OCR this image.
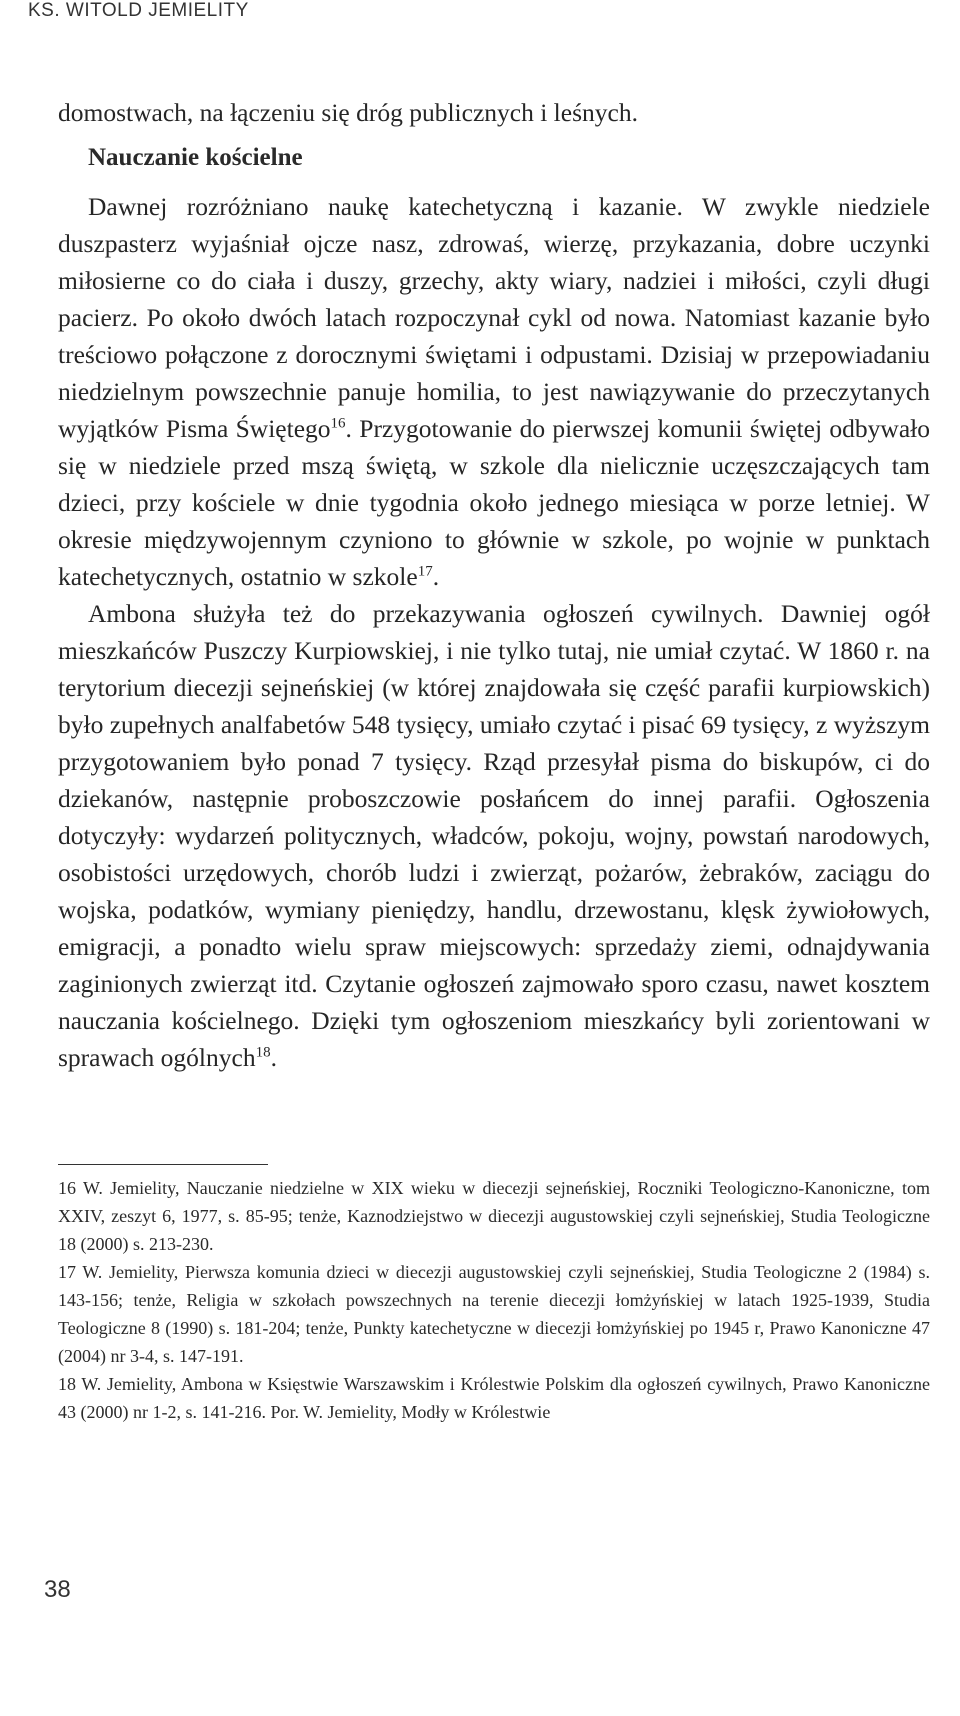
KS. WITOLD JEMIELITY

domostwach, na łączeniu się dróg publicznych i leśnych.

Nauczanie kościelne

Dawnej rozróżniano naukę katechetyczną i kazanie. W zwykle niedziele duszpasterz wyjaśniał ojcze nasz, zdrowaś, wierzę, przykazania, dobre uczynki miłosierne co do ciała i duszy, grzechy, akty wiary, nadziei i miłości, czyli długi pacierz. Po około dwóch latach rozpoczynał cykl od nowa. Natomiast kazanie było treściowo połączone z dorocznymi świętami i odpustami. Dzisiaj w przepowiadaniu niedzielnym powszechnie panuje homilia, to jest nawiązywanie do przeczytanych wyjątków Pisma Świętego$^{16}$. Przygotowanie do pierwszej komunii świętej odbywało się w niedziele przed mszą świętą, w szkole dla nielicznie uczęszczających tam dzieci, przy kościele w dnie tygodnia około jednego miesiąca w porze letniej. W okresie międzywojennym czyniono to głównie w szkole, po wojnie w punktach katechetycznych, ostatnio w szkole$^{17}$.

Ambona służyła też do przekazywania ogłoszeń cywilnych. Dawniej ogół mieszkańców Puszczy Kurpiowskiej, i nie tylko tutaj, nie umiał czytać. W 1860 r. na terytorium diecezji sejneńskiej (w której znajdowała się część parafii kurpiowskich) było zupełnych analfabetów 548 tysięcy, umiało czytać i pisać 69 tysięcy, z wyższym przygotowaniem było ponad 7 tysięcy. Rząd przesyłał pisma do biskupów, ci do dziekanów, następnie proboszczowie posłańcem do innej parafii. Ogłoszenia dotyczyły: wydarzeń politycznych, władców, pokoju, wojny, powstań narodowych, osobistości urzędowych, chorób ludzi i zwierząt, pożarów, żebraków, zaciągu do wojska, podatków, wymiany pieniędzy, handlu, drzewostanu, klęsk żywiołowych, emigracji, a ponadto wielu spraw miejscowych: sprzedaży ziemi, odnajdywania zaginionych zwierząt itd. Czytanie ogłoszeń zajmowało sporo czasu, nawet kosztem nauczania kościelnego. Dzięki tym ogłoszeniom mieszkańcy byli zorientowani w sprawach ogólnych$^{18}$.

16 W. Jemielity, Nauczanie niedzielne w XIX wieku w diecezji sejneńskiej, Roczniki Teologiczno-Kanoniczne, tom XXIV, zeszyt 6, 1977, s. 85-95; tenże, Kaznodziejstwo w diecezji augustowskiej czyli sejneńskiej, Studia Teologiczne 18 (2000) s. 213-230.

17 W. Jemielity, Pierwsza komunia dzieci w diecezji augustowskiej czyli sejneńskiej, Studia Teologiczne 2 (1984) s. 143-156; tenże, Religia w szkołach powszechnych na terenie diecezji łomżyńskiej w latach 1925-1939, Studia Teologiczne 8 (1990) s. 181-204; tenże, Punkty katechetyczne w diecezji łomżyńskiej po 1945 r, Prawo Kanoniczne 47 (2004) nr 3-4, s. 147-191.

18 W. Jemielity, Ambona w Księstwie Warszawskim i Królestwie Polskim dla ogłoszeń cywilnych, Prawo Kanoniczne 43 (2000) nr 1-2, s. 141-216. Por. W. Jemielity, Modły w Królestwie

38
